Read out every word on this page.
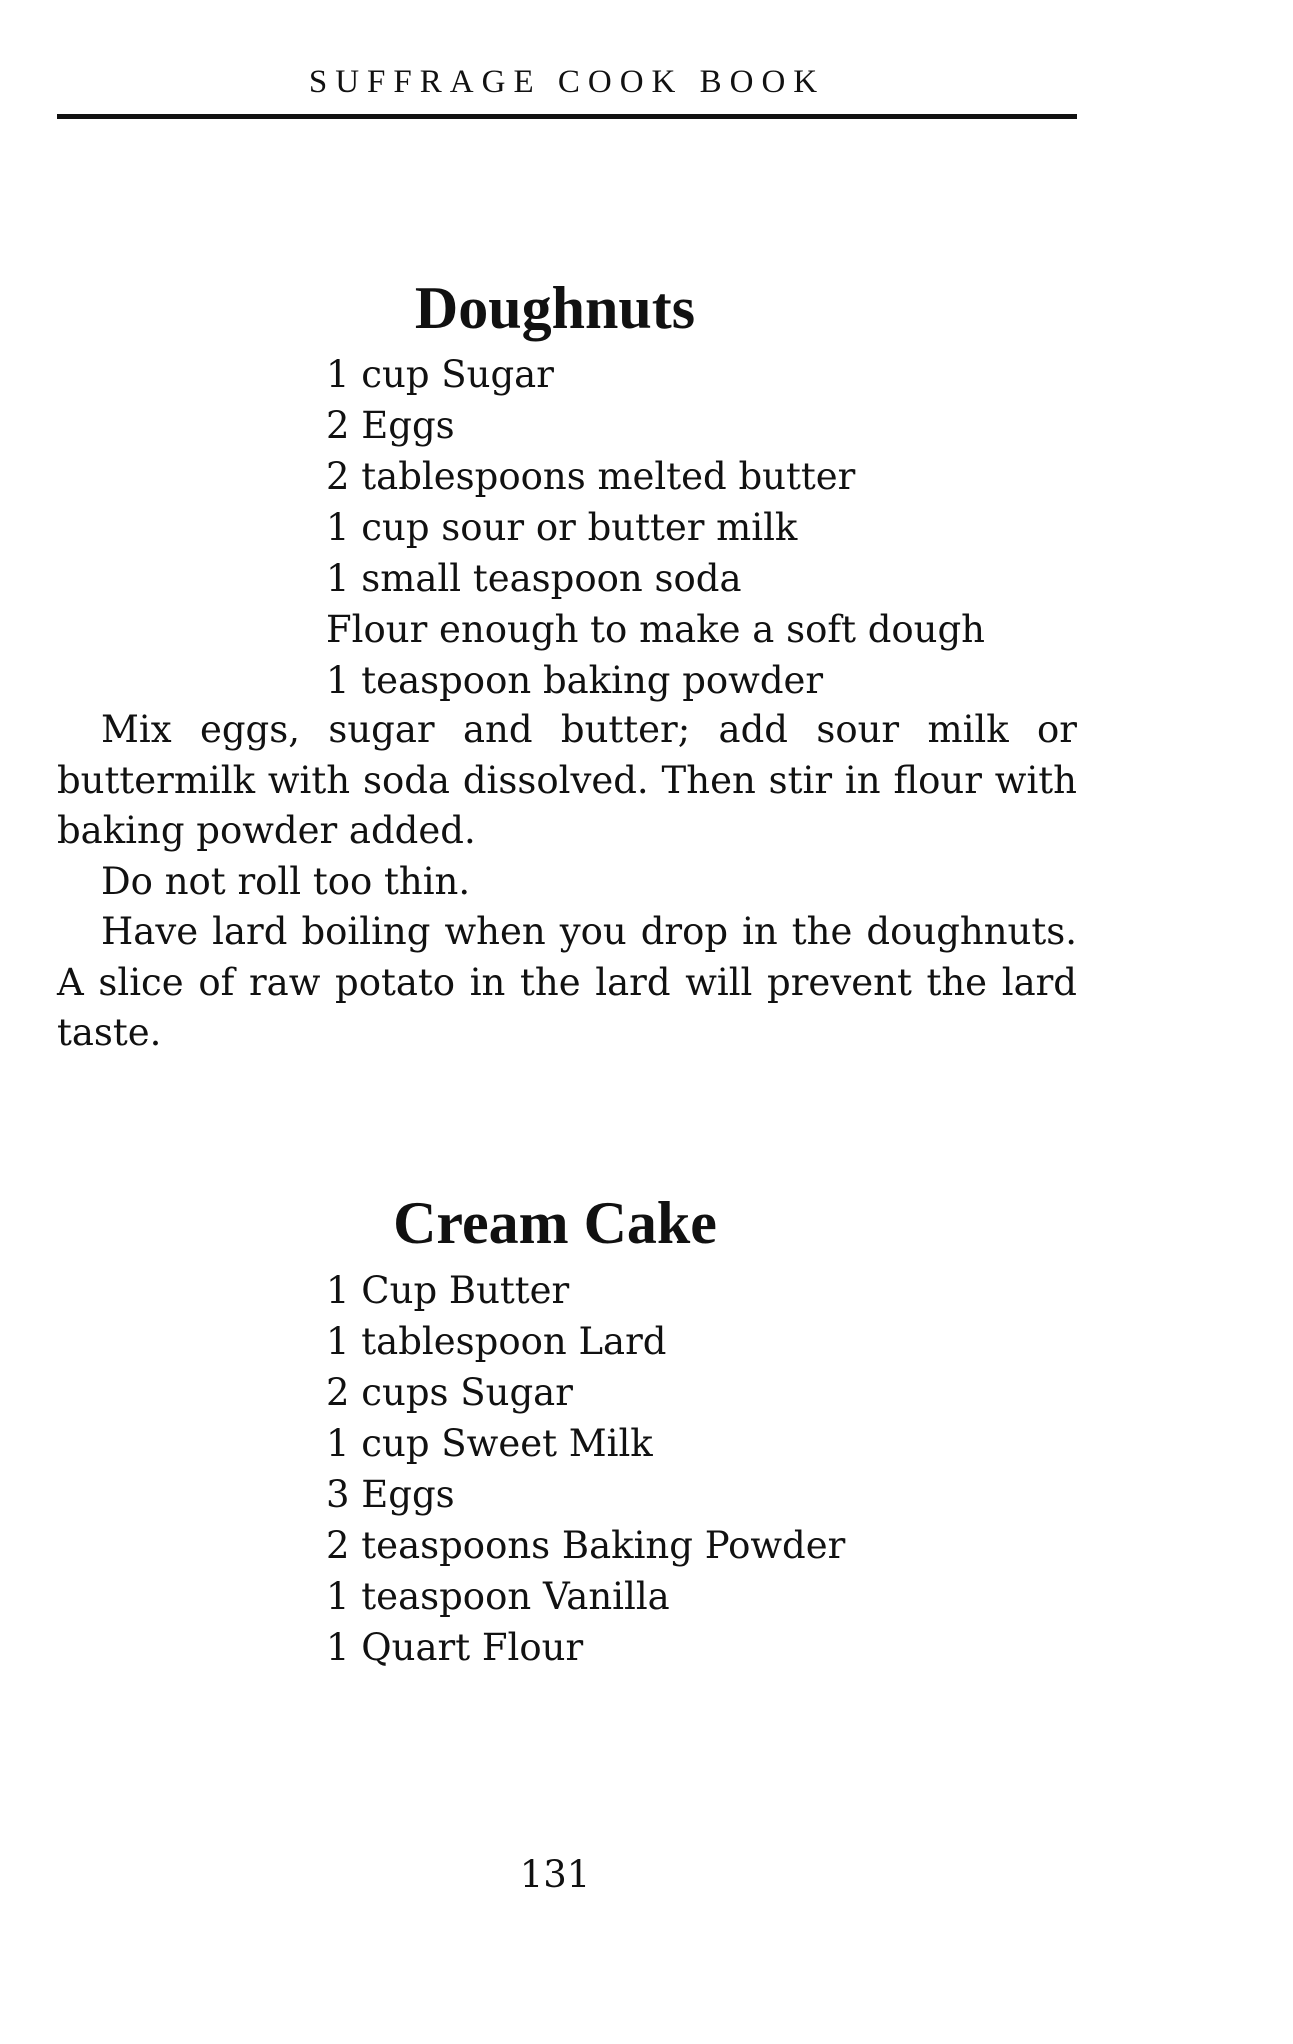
SUFFRAGE COOK BOOK
Doughnuts
1 cup Sugar
2 Eggs
2 tablespoons melted butter
1 cup sour or butter milk
1 small teaspoon soda
Flour enough to make a soft dough
1 teaspoon baking powder

Mix eggs, sugar and butter; add sour milk or buttermilk with soda dissolved. Then stir in flour with baking powder added.

Do not roll too thin.

Have lard boiling when you drop in the doughnuts. A slice of raw potato in the lard will prevent the lard taste.

Cream Cake
1 Cup Butter
1 tablespoon Lard
2 cups Sugar
1 cup Sweet Milk
3 Eggs
2 teaspoons Baking Powder
1 teaspoon Vanilla
1 Quart Flour
131
